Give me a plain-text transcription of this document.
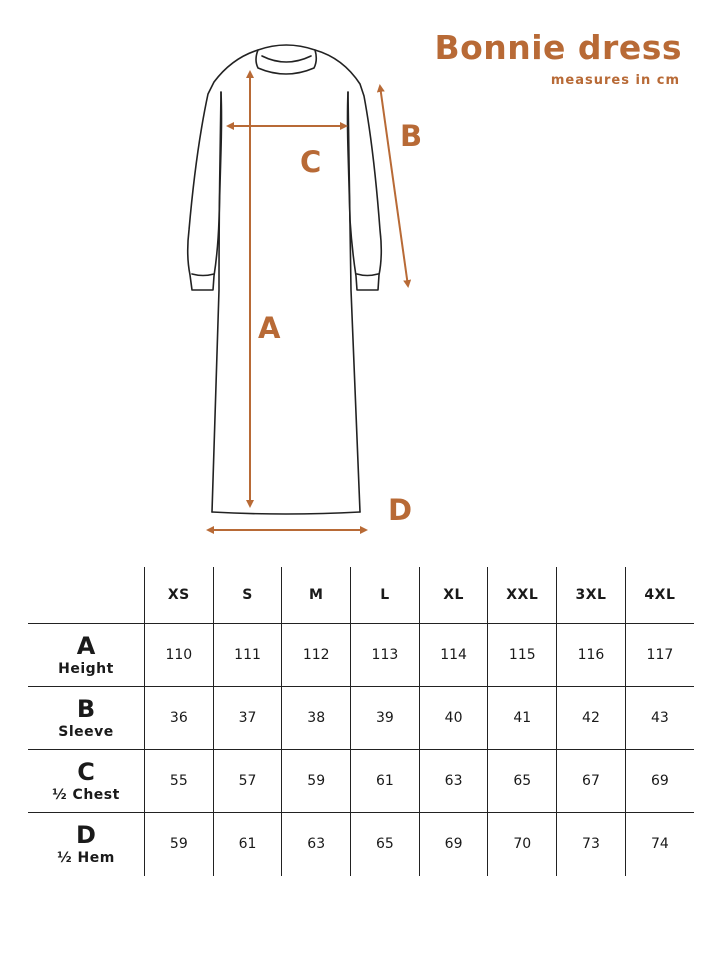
Bonnie dress
measures in cm
A
B
C
D
	XS	S	M	L	XL	XXL	3XL	4XL

A
Height	110	111	112	113	114	115	116	117

B
Sleeve	36	37	38	39	40	41	42	43

C
½ Chest	55	57	59	61	63	65	67	69

D
½ Hem	59	61	63	65	69	70	73	74
